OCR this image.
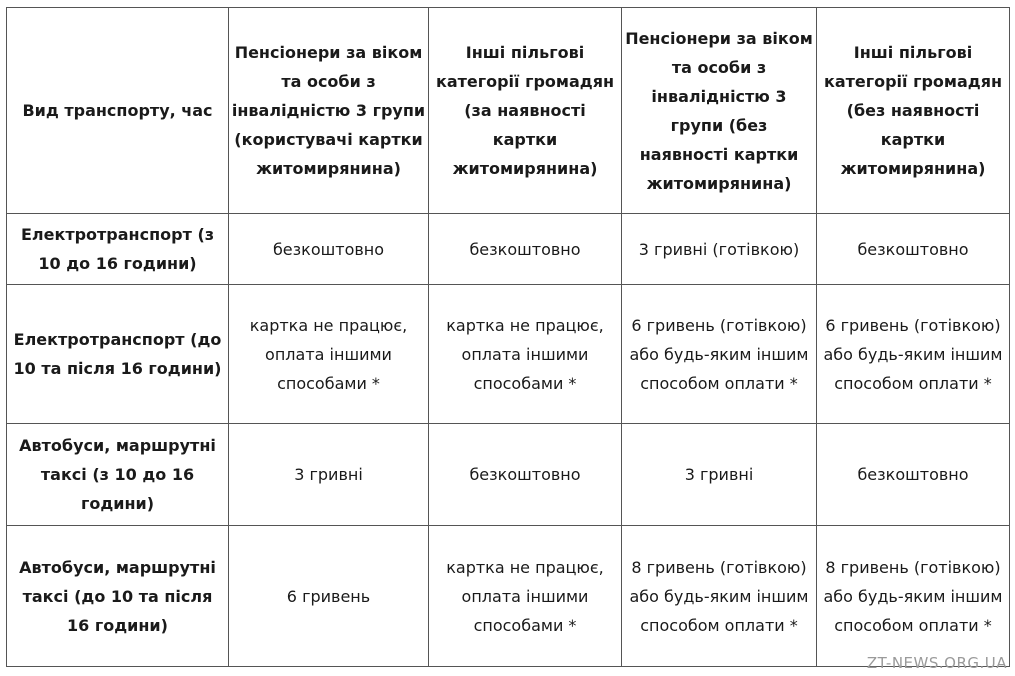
Вид транспорту, час	Пенсіонери за віком та особи з інвалідністю 3 групи (користувачі картки житомирянина)	Інші пільгові категорії громадян (за наявності картки житомирянина)	Пенсіонери за віком та особи з інвалідністю 3 групи (без наявності картки житомирянина)	Інші пільгові категорії громадян (без наявності картки житомирянина)
Електротранспорт (з 10 до 16 години)	безкоштовно	безкоштовно	3 гривні (готівкою)	безкоштовно
Електротранспорт (до 10 та після 16 години)	картка не працює, оплата іншими способами *	картка не працює, оплата іншими способами *	6 гривень (готівкою) або будь-яким іншим способом оплати *	6 гривень (готівкою) або будь-яким іншим способом оплати *
Автобуси, маршрутні таксі (з 10 до 16 години)	3 гривні	безкоштовно	3 гривні	безкоштовно
Автобуси, маршрутні таксі (до 10 та після 16 години)	6 гривень	картка не працює, оплата іншими способами *	8 гривень (готівкою) або будь-яким іншим способом оплати *	8 гривень (готівкою) або будь-яким іншим способом оплати *
ZT-NEWS.ORG.UA
